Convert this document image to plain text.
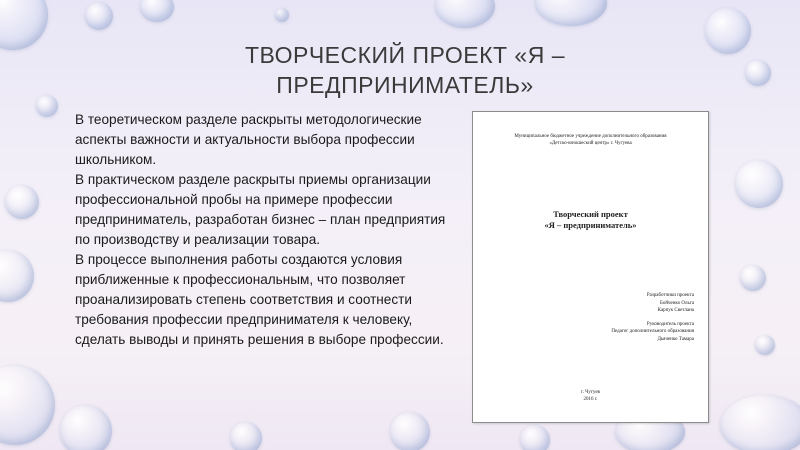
ТВОРЧЕСКИЙ ПРОЕКТ «Я –
ПРЕДПРИНИМАТЕЛЬ»

В теоретическом разделе раскрыты методологические аспекты важности и актуальности выбора профессии школьником.

В практическом разделе раскрыты приемы организации профессиональной пробы на примере профессии предприниматель, разработан бизнес – план предприятия по производству и реализации товара.

В процессе выполнения работы создаются условия приближенные к профессиональным, что позволяет проанализировать степень соответствия и соотнести требования профессии предпринимателя к человеку, сделать выводы и принять решения в выборе профессии.

Муниципальное бюджетное учреждение дополнительного образования
«Детско-юношеский центр» г. Чугуева
Творческий проект
«Я – предприниматель»
Разработчики проекта
Бойченко Ольга
Карпук Светлана
Руководитель проекта
Педагог дополнительного образования
Дьяченко Тамара
г. Чугуев
2016 г.
